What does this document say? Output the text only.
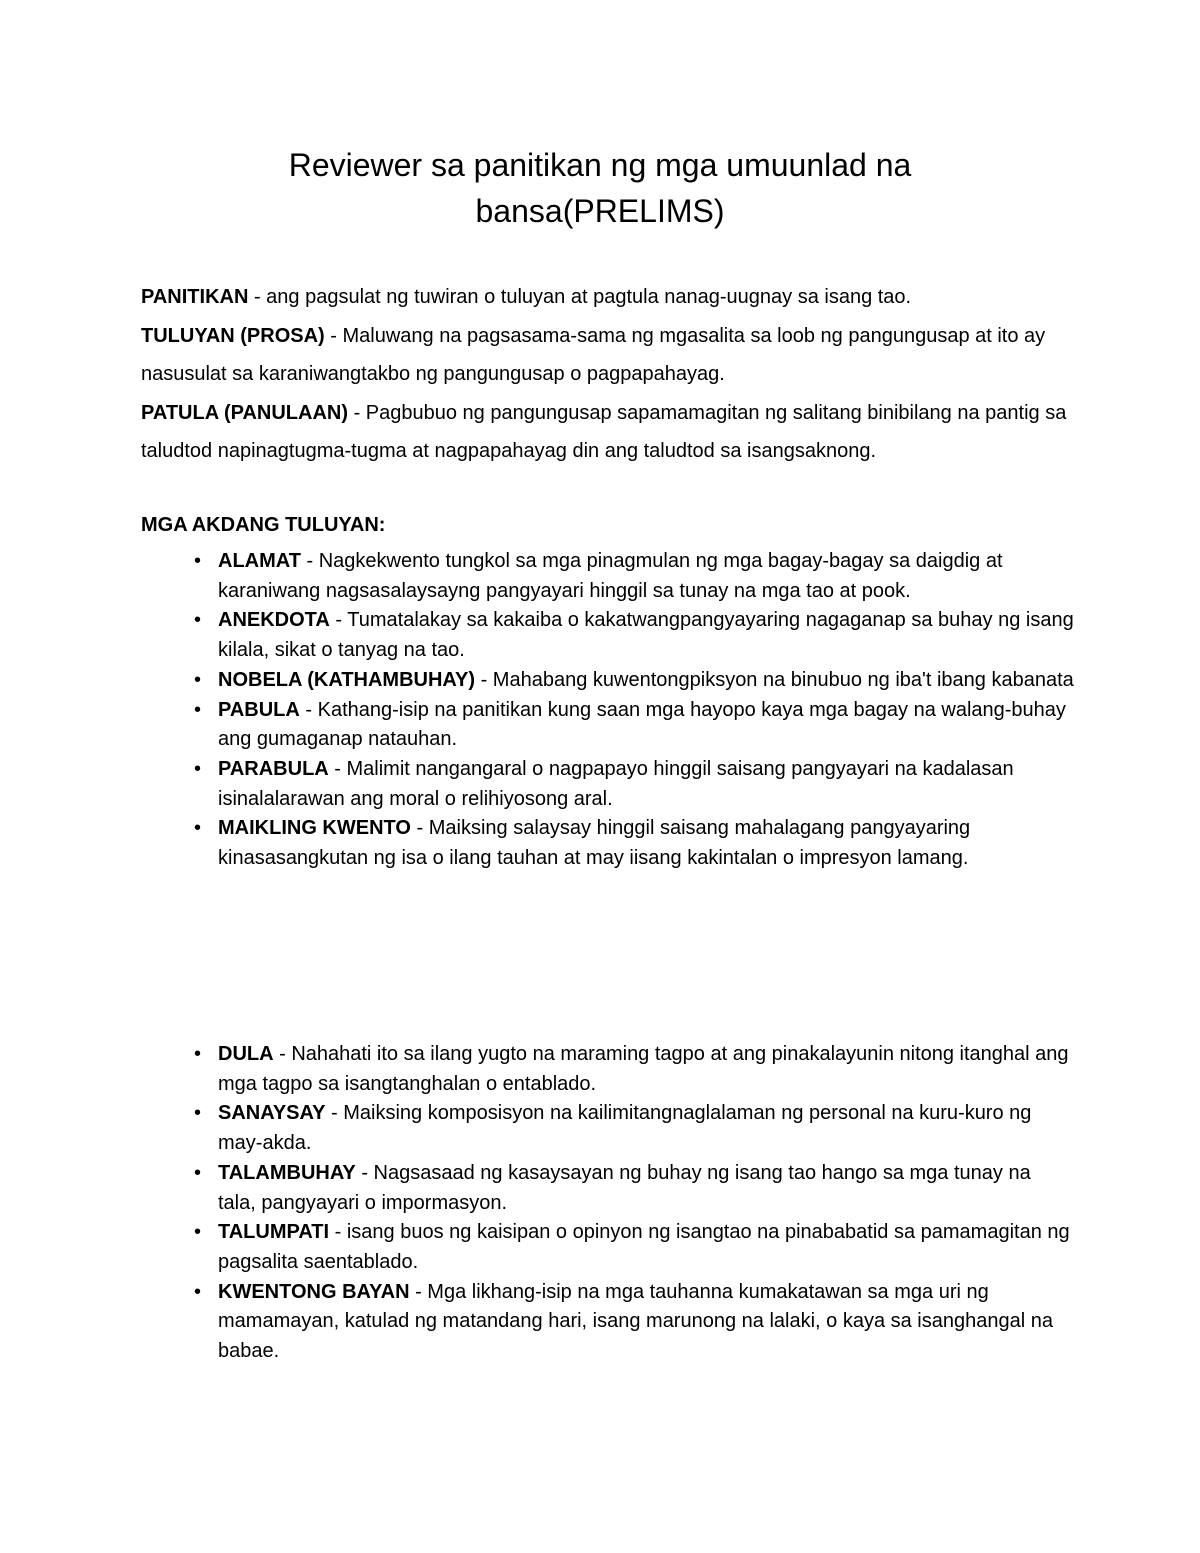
Reviewer sa panitikan ng mga umuunlad na
bansa(PRELIMS)

PANITIKAN - ang pagsulat ng tuwiran o tuluyan at pagtula nanag-uugnay sa isang tao.

TULUYAN (PROSA) - Maluwang na pagsasama-sama ng mgasalita sa loob ng pangungusap at ito ay nasusulat sa karaniwangtakbo ng pangungusap o pagpapahayag.

PATULA (PANULAAN) - Pagbubuo ng pangungusap sapamamagitan ng salitang binibilang na pantig sa taludtod napinagtugma-tugma at nagpapahayag din ang taludtod sa isangsaknong.

MGA AKDANG TULUYAN:
• ALAMAT - Nagkekwento tungkol sa mga pinagmulan ng mga bagay-bagay sa daigdig at karaniwang nagsasalaysayng pangyayari hinggil sa tunay na mga tao at pook.
• ANEKDOTA - Tumatalakay sa kakaiba o kakatwangpangyayaring nagaganap sa buhay ng isang kilala, sikat o tanyag na tao.
• NOBELA (KATHAMBUHAY) - Mahabang kuwentongpiksyon na binubuo ng iba't ibang kabanata
• PABULA - Kathang-isip na panitikan kung saan mga hayopo kaya mga bagay na walang-buhay ang gumaganap natauhan.
• PARABULA - Malimit nangangaral o nagpapayo hinggil saisang pangyayari na kadalasan isinalalarawan ang moral o relihiyosong aral.
• MAIKLING KWENTO - Maiksing salaysay hinggil saisang mahalagang pangyayaring kinasasangkutan ng isa o ilang tauhan at may iisang kakintalan o impresyon lamang.
• DULA - Nahahati ito sa ilang yugto na maraming tagpo at ang pinakalayunin nitong itanghal ang mga tagpo sa isangtanghalan o entablado.
• SANAYSAY - Maiksing komposisyon na kailimitangnaglalaman ng personal na kuru-kuro ng may-akda.
• TALAMBUHAY - Nagsasaad ng kasaysayan ng buhay ng isang tao hango sa mga tunay na tala, pangyayari o impormasyon.
• TALUMPATI - isang buos ng kaisipan o opinyon ng isangtao na pinababatid sa pamamagitan ng pagsalita saentablado.
• KWENTONG BAYAN - Mga likhang-isip na mga tauhanna kumakatawan sa mga uri ng mamamayan, katulad ng matandang hari, isang marunong na lalaki, o kaya sa isanghangal na babae.
